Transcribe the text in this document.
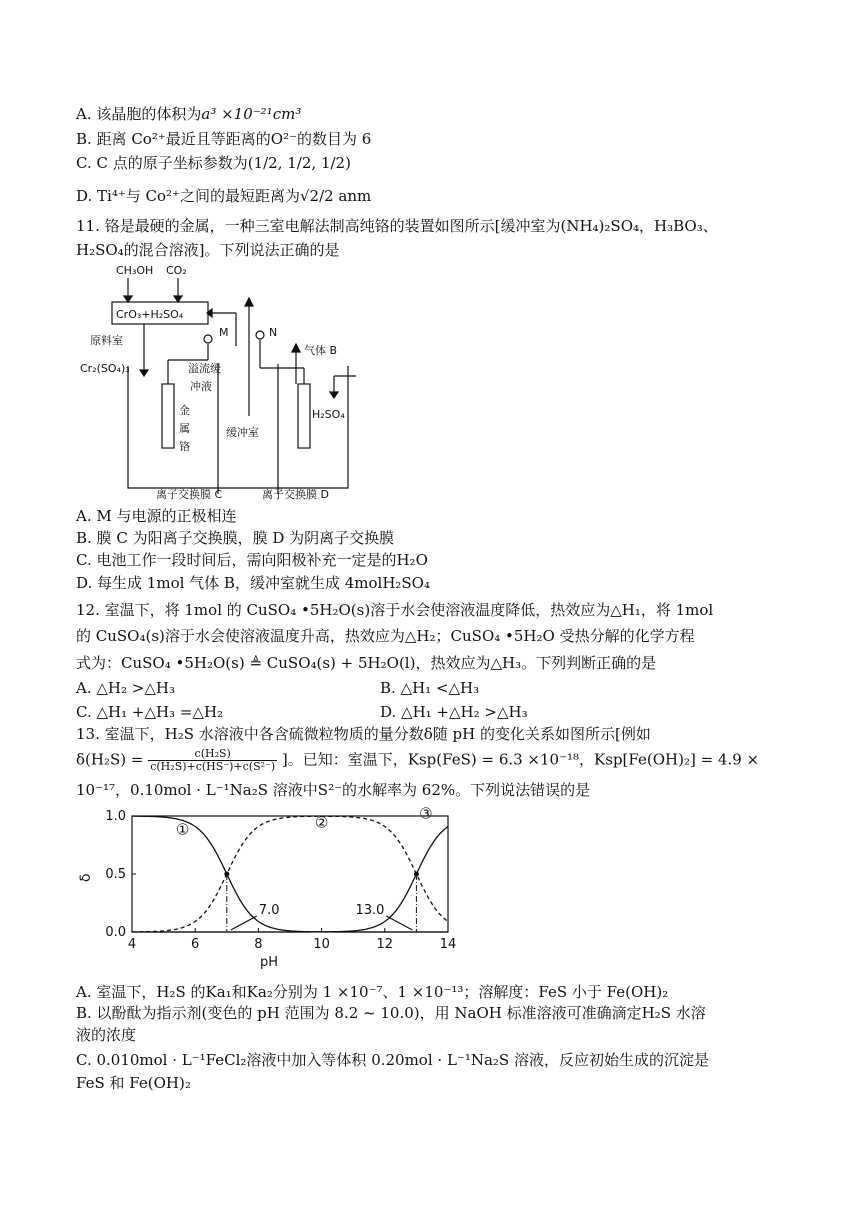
A. 该晶胞的体积为a³ ×10⁻²¹cm³
B. 距离 Co²⁺最近且等距离的O²⁻的数目为 6
C. C 点的原子坐标参数为(1/2, 1/2, 1/2)
D. Ti⁴⁺与 Co²⁺之间的最短距离为√2/2 anm
11. 铬是最硬的金属，一种三室电解法制高纯铬的装置如图所示[缓冲室为(NH₄)₂SO₄，H₃BO₃、
H₂SO₄的混合溶液]。下列说法正确的是
CH₃OH CO₂
CrO₃+H₂SO₄
原料室
Cr₂(SO₄)₃
M	N
溢流缓
冲液
金
属
铬
缓冲室
气体 B
H₂SO₄
离子交换膜 C	离子交换膜 D
A. M 与电源的正极相连
B. 膜 C 为阳离子交换膜，膜 D 为阴离子交换膜
C. 电池工作一段时间后，需向阳极补充一定是的H₂O
D. 每生成 1mol 气体 B，缓冲室就生成 4molH₂SO₄
12. 室温下，将 1mol 的 CuSO₄ •5H₂O(s)溶于水会使溶液温度降低，热效应为△H₁，将 1mol
的 CuSO₄(s)溶于水会使溶液温度升高，热效应为△H₂；CuSO₄ •5H₂O 受热分解的化学方程
式为：CuSO₄ •5H₂O(s) ≜ CuSO₄(s) + 5H₂O(l)，热效应为△H₃。下列判断正确的是
A. △H₂ >△H₃	B. △H₁ <△H₃
C. △H₁ +△H₃ =△H₂	D. △H₁ +△H₂ >△H₃
13. 室温下，H₂S 水溶液中各含硫微粒物质的量分数δ随 pH 的变化关系如图所示[例如
$\delta(H_2S) = \frac{\text{c(H₂S)}}{\text{c(H₂S)+c(HS⁻)+c(S²⁻)}}$ ]。已知：室温下，Ksp(FeS) = 6.3 ×10⁻¹⁸，Ksp[Fe(OH)₂] = 4.9 ×
10⁻¹⁷，0.10mol · L⁻¹Na₂S 溶液中S²⁻的水解率为 62%。下列说法错误的是
4	6	8	10	12	14
0.0
0.5
1.0
pH
δ
①	②
③
7.0	13.0
A. 室温下，H₂S 的Ka₁和Ka₂分别为 1 ×10⁻⁷、1 ×10⁻¹³；溶解度：FeS 小于 Fe(OH)₂
B. 以酚酞为指示剂(变色的 pH 范围为 8.2 ~ 10.0)，用 NaOH 标准溶液可准确滴定H₂S 水溶
液的浓度
C. 0.010mol · L⁻¹FeCl₂溶液中加入等体积 0.20mol · L⁻¹Na₂S 溶液，反应初始生成的沉淀是
FeS 和 Fe(OH)₂
